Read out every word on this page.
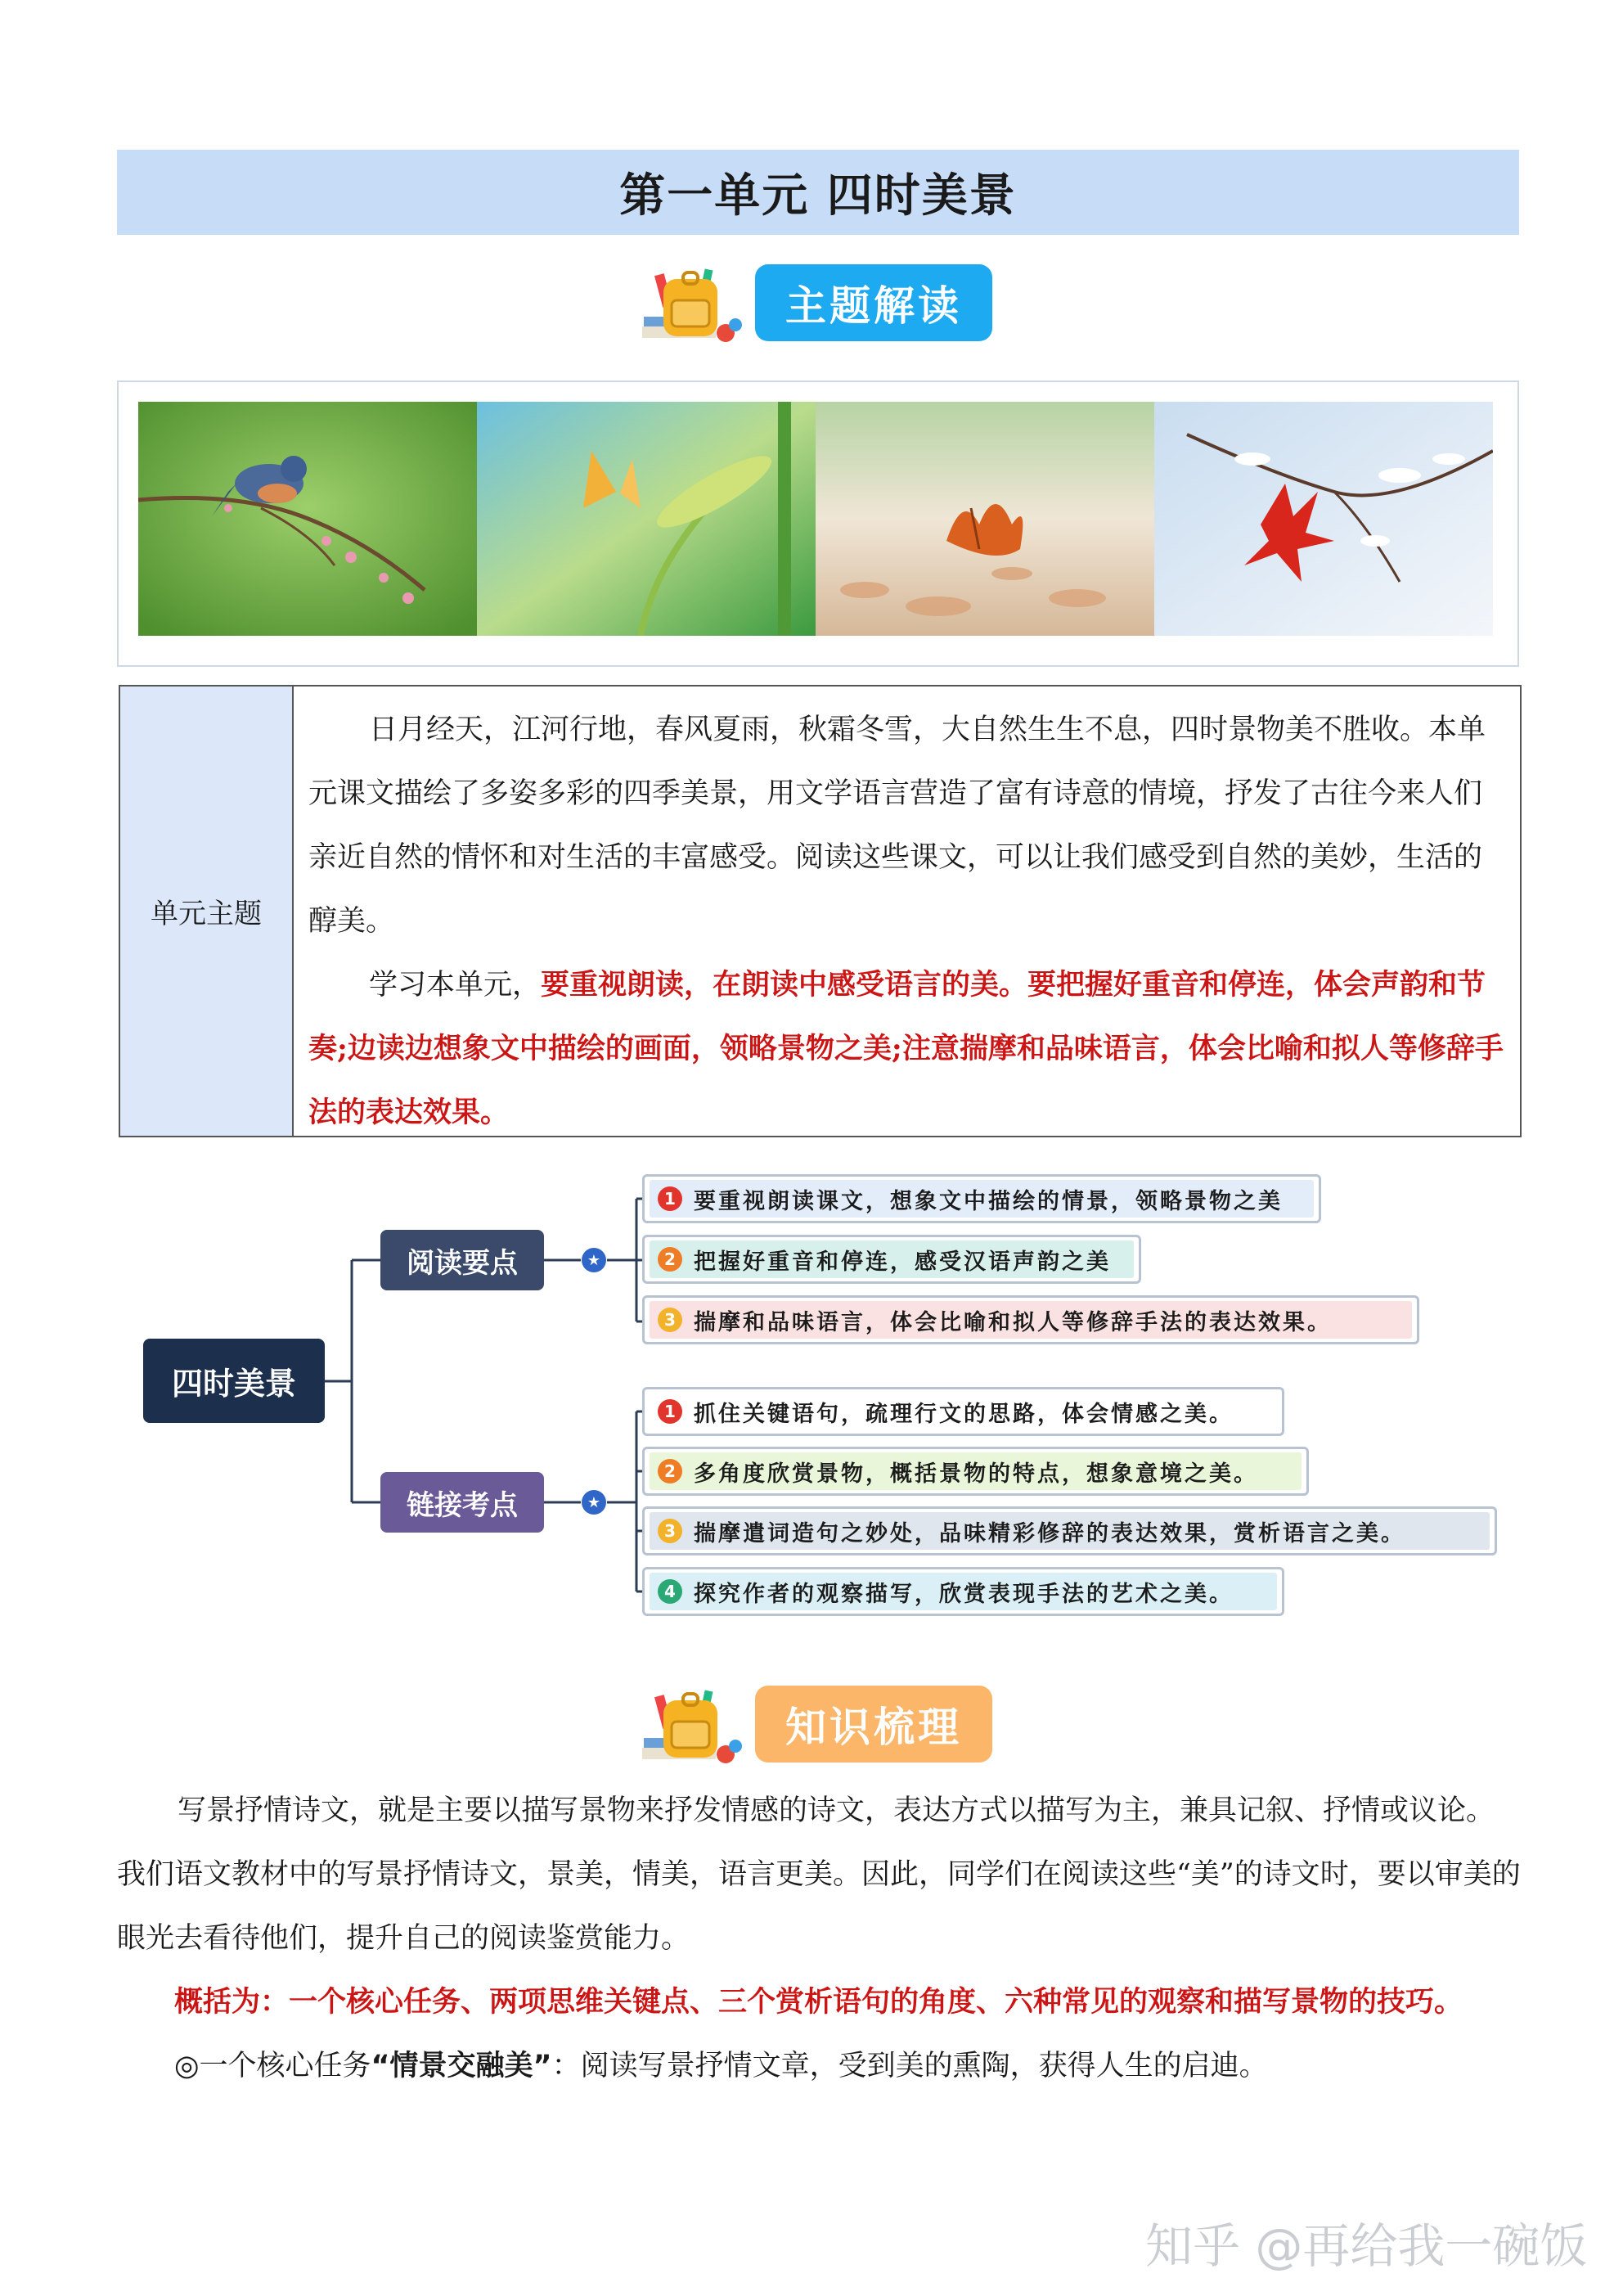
第一单元 四时美景
主题解读
单元主题

日月经天，江河行地，春风夏雨，秋霜冬雪，大自然生生不息，四时景物美不胜收。本单元课文描绘了多姿多彩的四季美景，用文学语言营造了富有诗意的情境，抒发了古往今来人们亲近自然的情怀和对生活的丰富感受。阅读这些课文，可以让我们感受到自然的美妙，生活的醇美。

学习本单元，要重视朗读，在朗读中感受语言的美。要把握好重音和停连，体会声韵和节奏;边读边想象文中描绘的画面，领略景物之美;注意揣摩和品味语言，体会比喻和拟人等修辞手法的表达效果。

四时美景
阅读要点	★
链接考点	★
1 要重视朗读课文，想象文中描绘的情景，领略景物之美
2 把握好重音和停连，感受汉语声韵之美
3 揣摩和品味语言，体会比喻和拟人等修辞手法的表达效果。
1 抓住关键语句，疏理行文的思路，体会情感之美。
2 多角度欣赏景物，概括景物的特点，想象意境之美。
3 揣摩遣词造句之妙处，品味精彩修辞的表达效果，赏析语言之美。
4 探究作者的观察描写，欣赏表现手法的艺术之美。
知识梳理
写景抒情诗文，就是主要以描写景物来抒发情感的诗文，表达方式以描写为主，兼具记叙、抒情或议论。我们语文教材中的写景抒情诗文，景美，情美，语言更美。因此，同学们在阅读这些“美”的诗文时，要以审美的眼光去看待他们，提升自己的阅读鉴赏能力。
概括为：一个核心任务、两项思维关键点、三个赏析语句的角度、六种常见的观察和描写景物的技巧。
◎一个核心任务“情景交融美”：阅读写景抒情文章，受到美的熏陶，获得人生的启迪。
知乎 @再给我一碗饭
